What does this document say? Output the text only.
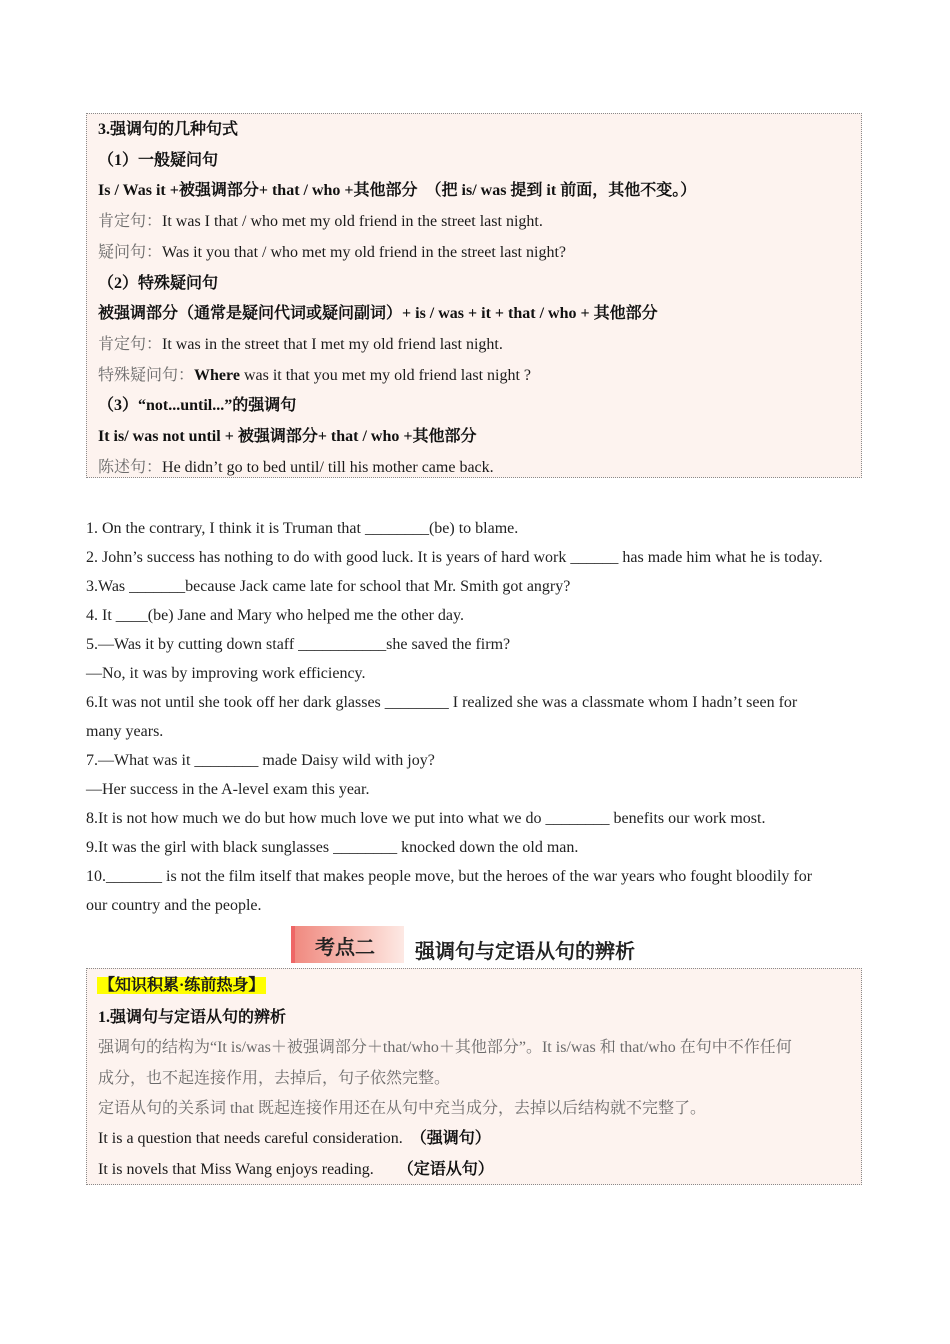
3.强调句的几种句式
（1）一般疑问句
Is / Was it +被强调部分+ that / who +其他部分　（把 is/ was 提到 it 前面，其他不变。）
肯定句：It was I that / who met my old friend in the street last night.
疑问句：Was it you that / who met my old friend in the street last night?
（2）特殊疑问句
被强调部分（通常是疑问代词或疑问副词）+ is / was + it + that / who + 其他部分
肯定句：It was in the street that I met my old friend last night.
特殊疑问句：Where was it that you met my old friend last night ?
（3）“not...until...”的强调句
It is/ was not until + 被强调部分+ that / who +其他部分
陈述句：He didn’t go to bed until/ till his mother came back.
1. On the contrary, I think it is Truman that ________(be) to blame.
2. John’s success has nothing to do with good luck. It is years of hard work ______ has made him what he is today.
3.Was _______because Jack came late for school that Mr. Smith got angry?
4. It ____(be) Jane and Mary who helped me the other day.
5.—Was it by cutting down staff ___________she saved the firm?
—No, it was by improving work efficiency.
6.It was not until she took off her dark glasses ________ I realized she was a classmate whom I hadn’t seen for
many years.
7.—What was it ________ made Daisy wild with joy?
—Her success in the A-level exam this year.
8.It is not how much we do but how much love we put into what we do ________ benefits our work most.
9.It was the girl with black sunglasses ________ knocked down the old man.
10._______ is not the film itself that makes people move, but the heroes of the war years who fought bloodily for
our country and the people.
考点二 强调句与定语从句的辨析
【知识积累·练前热身】
1.强调句与定语从句的辨析
强调句的结构为“It is/was＋被强调部分＋that/who＋其他部分”。It is/was 和 that/who 在句中不作任何
成分，也不起连接作用，去掉后，句子依然完整。
定语从句的关系词 that 既起连接作用还在从句中充当成分，去掉以后结构就不完整了。
It is a question that needs careful consideration.　（强调句）
It is novels that Miss Wang enjoys reading.　　（定语从句）
